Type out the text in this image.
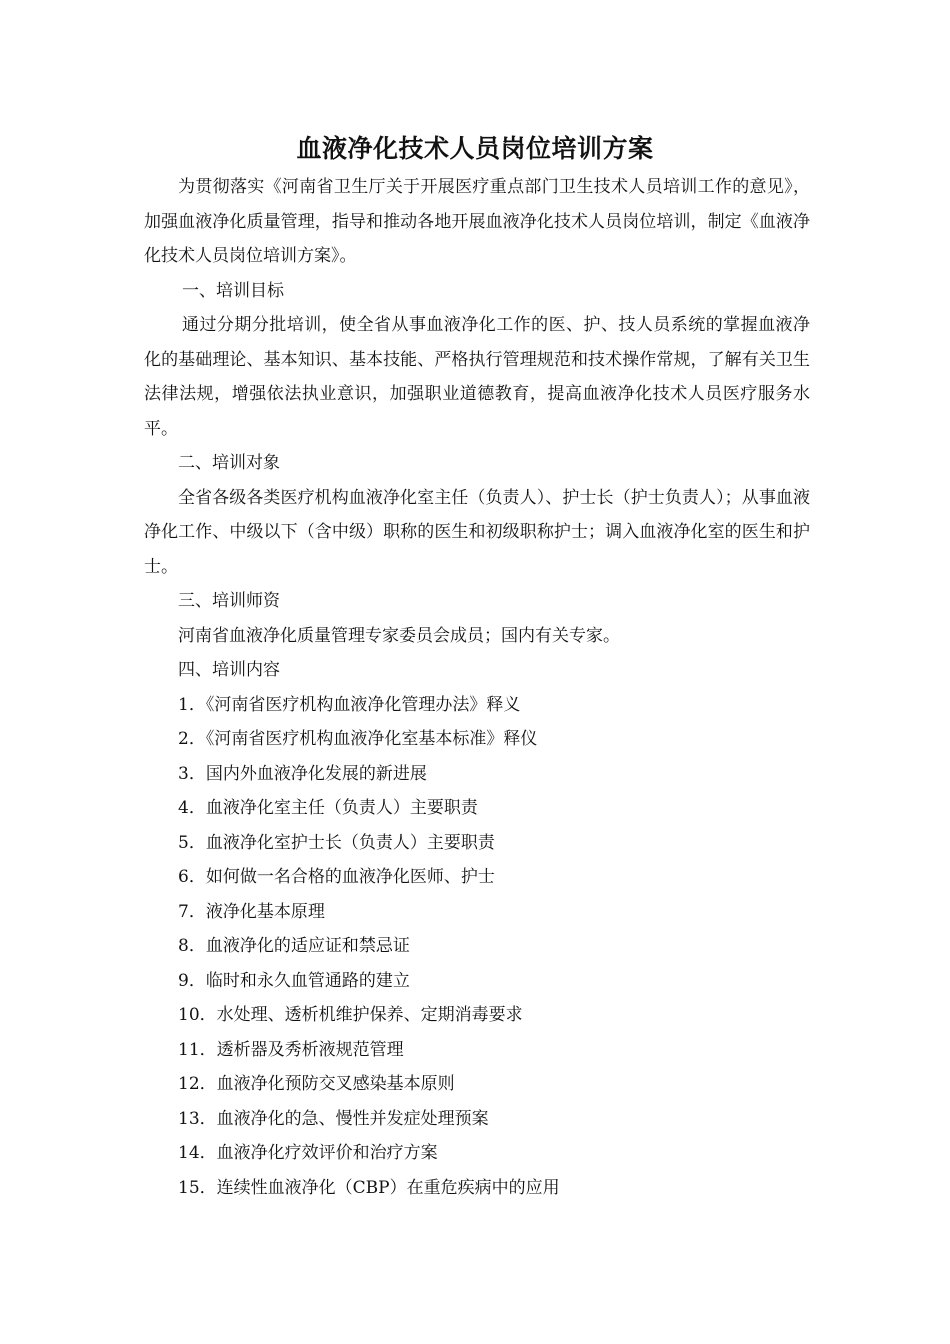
血液净化技术人员岗位培训方案

为贯彻落实《河南省卫生厅关于开展医疗重点部门卫生技术人员培训工作的意见》，加强血液净化质量管理，指导和推动各地开展血液净化技术人员岗位培训，制定《血液净化技术人员岗位培训方案》。

一、培训目标

通过分期分批培训，使全省从事血液净化工作的医、护、技人员系统的掌握血液净化的基础理论、基本知识、基本技能、严格执行管理规范和技术操作常规，了解有关卫生法律法规，增强依法执业意识，加强职业道德教育，提高血液净化技术人员医疗服务水平。

二、培训对象

全省各级各类医疗机构血液净化室主任（负责人）、护士长（护士负责人）；从事血液净化工作、中级以下（含中级）职称的医生和初级职称护士；调入血液净化室的医生和护士。

三、培训师资

河南省血液净化质量管理专家委员会成员；国内有关专家。

四、培训内容

1．《河南省医疗机构血液净化管理办法》释义

2．《河南省医疗机构血液净化室基本标准》释仪

3．国内外血液净化发展的新进展

4．血液净化室主任（负责人）主要职责

5．血液净化室护士长（负责人）主要职责

6．如何做一名合格的血液净化医师、护士

7．液净化基本原理

8．血液净化的适应证和禁忌证

9．临时和永久血管通路的建立

10．水处理、透析机维护保养、定期消毒要求

11．透析器及秀析液规范管理

12．血液净化预防交叉感染基本原则

13．血液净化的急、慢性并发症处理预案

14．血液净化疗效评价和治疗方案

15．连续性血液净化（CBP）在重危疾病中的应用
